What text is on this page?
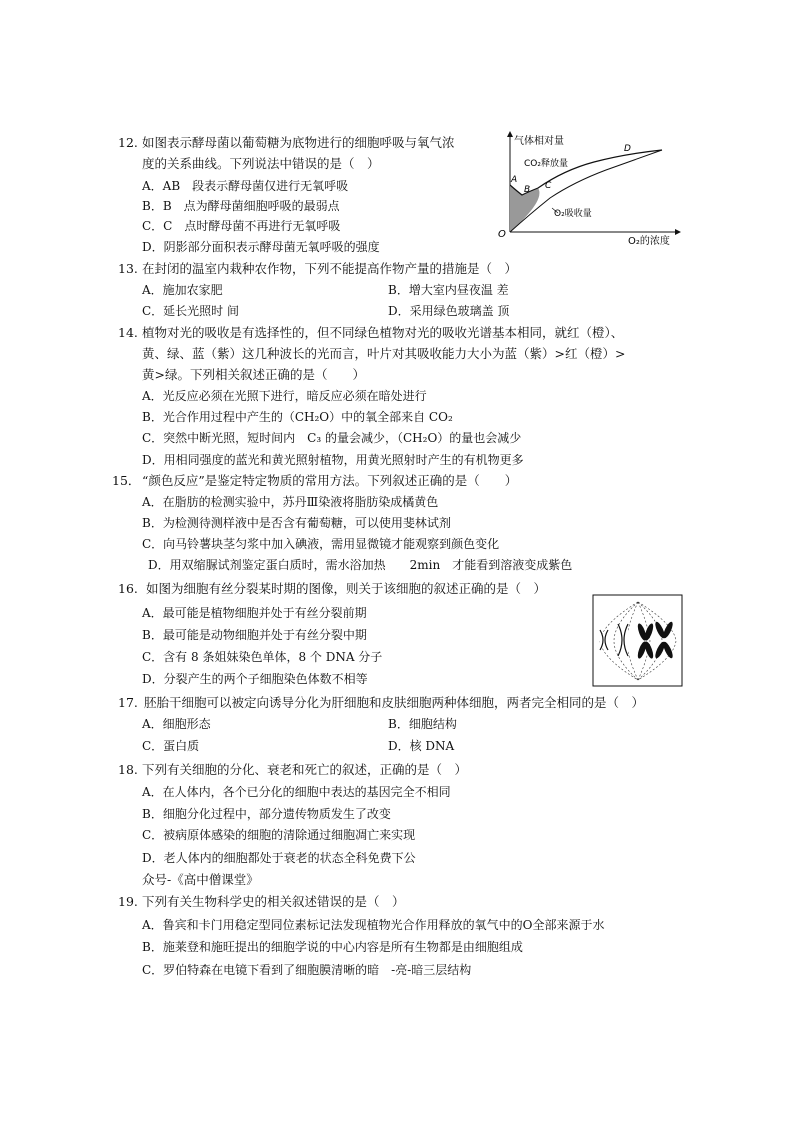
12. 如图表示酵母菌以葡萄糖为底物进行的细胞呼吸与氧气浓
度的关系曲线。下列说法中错误的是（　）
A．AB　段表示酵母菌仅进行无氧呼吸
B．B　点为酵母菌细胞呼吸的最弱点
C．C　点时酵母菌不再进行无氧呼吸
D．阴影部分面积表示酵母菌无氧呼吸的强度
气体相对量
CO₂释放量
O₂吸收量
O₂的浓度
O
A
B C
D
13. 在封闭的温室内栽种农作物，下列不能提高作物产量的措施是（　）
A．施加农家肥	B．增大室内昼夜温 差
C．延长光照时 间	D．采用绿色玻璃盖 顶
14. 植物对光的吸收是有选择性的，但不同绿色植物对光的吸收光谱基本相同，就红（橙）、
黄、绿、蓝（紫）这几种波长的光而言，叶片对其吸收能力大小为蓝（紫）>红（橙）>
黄>绿。下列相关叙述正确的是（　　）
A．光反应必须在光照下进行，暗反应必须在暗处进行
B．光合作用过程中产生的（CH₂O）中的氧全部来自 CO₂
C．突然中断光照，短时间内　C₃ 的量会减少，（CH₂O）的量也会减少
D．用相同强度的蓝光和黄光照射植物，用黄光照射时产生的有机物更多
15． “颜色反应”是鉴定特定物质的常用方法。下列叙述正确的是（　　）
A．在脂肪的检测实验中，苏丹Ⅲ染液将脂肪染成橘黄色
B．为检测待测样液中是否含有葡萄糖，可以使用斐林试剂
C．向马铃薯块茎匀浆中加入碘液，需用显微镜才能观察到颜色变化
D．用双缩脲试剂鉴定蛋白质时，需水浴加热　　2min　才能看到溶液变成紫色
16. 如图为细胞有丝分裂某时期的图像，则关于该细胞的叙述正确的是（　）
A．最可能是植物细胞并处于有丝分裂前期
B．最可能是动物细胞并处于有丝分裂中期
C．含有 8 条姐妹染色单体，8 个 DNA 分子
D．分裂产生的两个子细胞染色体数不相等
17. 胚胎干细胞可以被定向诱导分化为肝细胞和皮肤细胞两种体细胞，两者完全相同的是（　）
A．细胞形态	B．细胞结构
C．蛋白质	D．核 DNA
18. 下列有关细胞的分化、衰老和死亡的叙述，正确的是（　）
A．在人体内，各个已分化的细胞中表达的基因完全不相同
B．细胞分化过程中，部分遗传物质发生了改变
C．被病原体感染的细胞的清除通过细胞凋亡来实现
D．老人体内的细胞都处于衰老的状态全科免费下公
众号-《高中僧课堂》
19. 下列有关生物科学史的相关叙述错误的是（　）
A．鲁宾和卡门用稳定型同位素标记法发现植物光合作用释放的氧气中的O全部来源于水
B．施莱登和施旺提出的细胞学说的中心内容是所有生物都是由细胞组成
C．罗伯特森在电镜下看到了细胞膜清晰的暗　-亮-暗三层结构
